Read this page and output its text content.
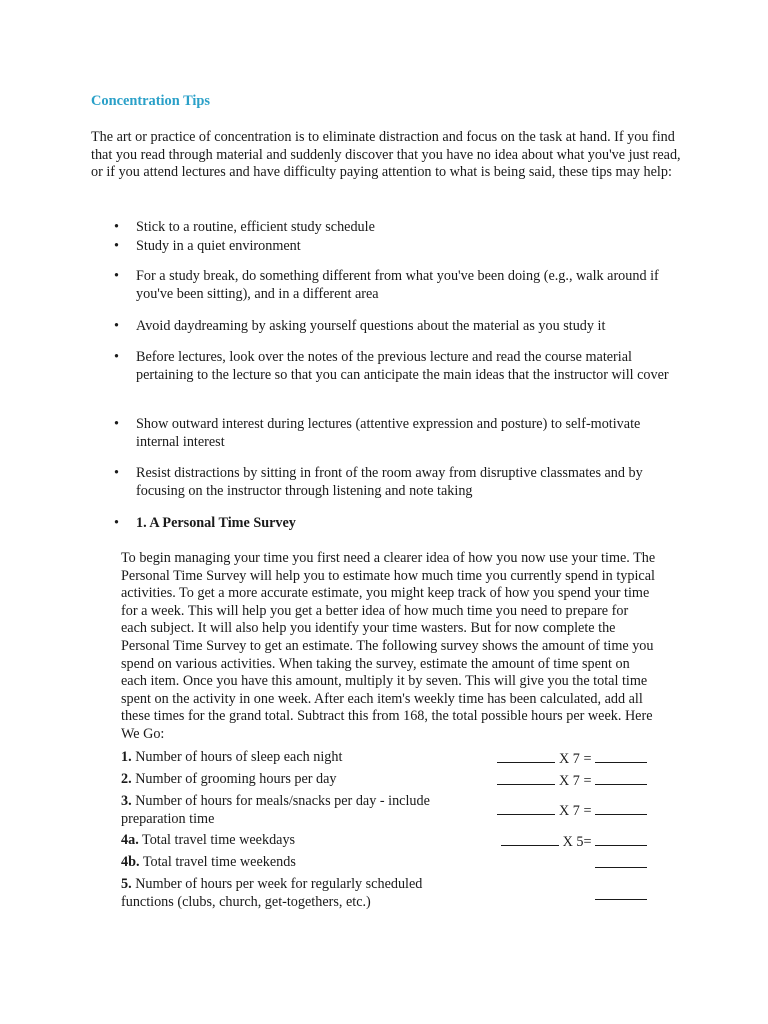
Concentration Tips
The art or practice of concentration is to eliminate distraction and focus on the task at hand. If you find that you read through material and suddenly discover that you have no idea about what you've just read, or if you attend lectures and have difficulty paying attention to what is being said, these tips may help:
•	Stick to a routine, efficient study schedule
•	Study in a quiet environment
•	For a study break, do something different from what you've been doing (e.g., walk around if you've been sitting), and in a different area
•	Avoid daydreaming by asking yourself questions about the material as you study it
•	Before lectures, look over the notes of the previous lecture and read the course material pertaining to the lecture so that you can anticipate the main ideas that the instructor will cover
•	Show outward interest during lectures (attentive expression and posture) to self-motivate internal interest
•	Resist distractions by sitting in front of the room away from disruptive classmates and by focusing on the instructor through listening and note taking
•	1. A Personal Time Survey
To begin managing your time you first need a clearer idea of how you now use your time. The Personal Time Survey will help you to estimate how much time you currently spend in typical activities. To get a more accurate estimate, you might keep track of how you spend your time for a week. This will help you get a better idea of how much time you need to prepare for each subject. It will also help you identify your time wasters. But for now complete the Personal Time Survey to get an estimate. The following survey shows the amount of time you spend on various activities. When taking the survey, estimate the amount of time spent on each item. Once you have this amount, multiply it by seven. This will give you the total time spent on the activity in one week. After each item's weekly time has been calculated, add all these times for the grand total. Subtract this from 168, the total possible hours per week. Here We Go:
1. Number of hours of sleep each night	X 7 =
2. Number of grooming hours per day	X 7 =
3. Number of hours for meals/snacks per day - include preparation time	X 7 =
4a. Total travel time weekdays	X 5=
4b. Total travel time weekends
5. Number of hours per week for regularly scheduled functions (clubs, church, get-togethers, etc.)
